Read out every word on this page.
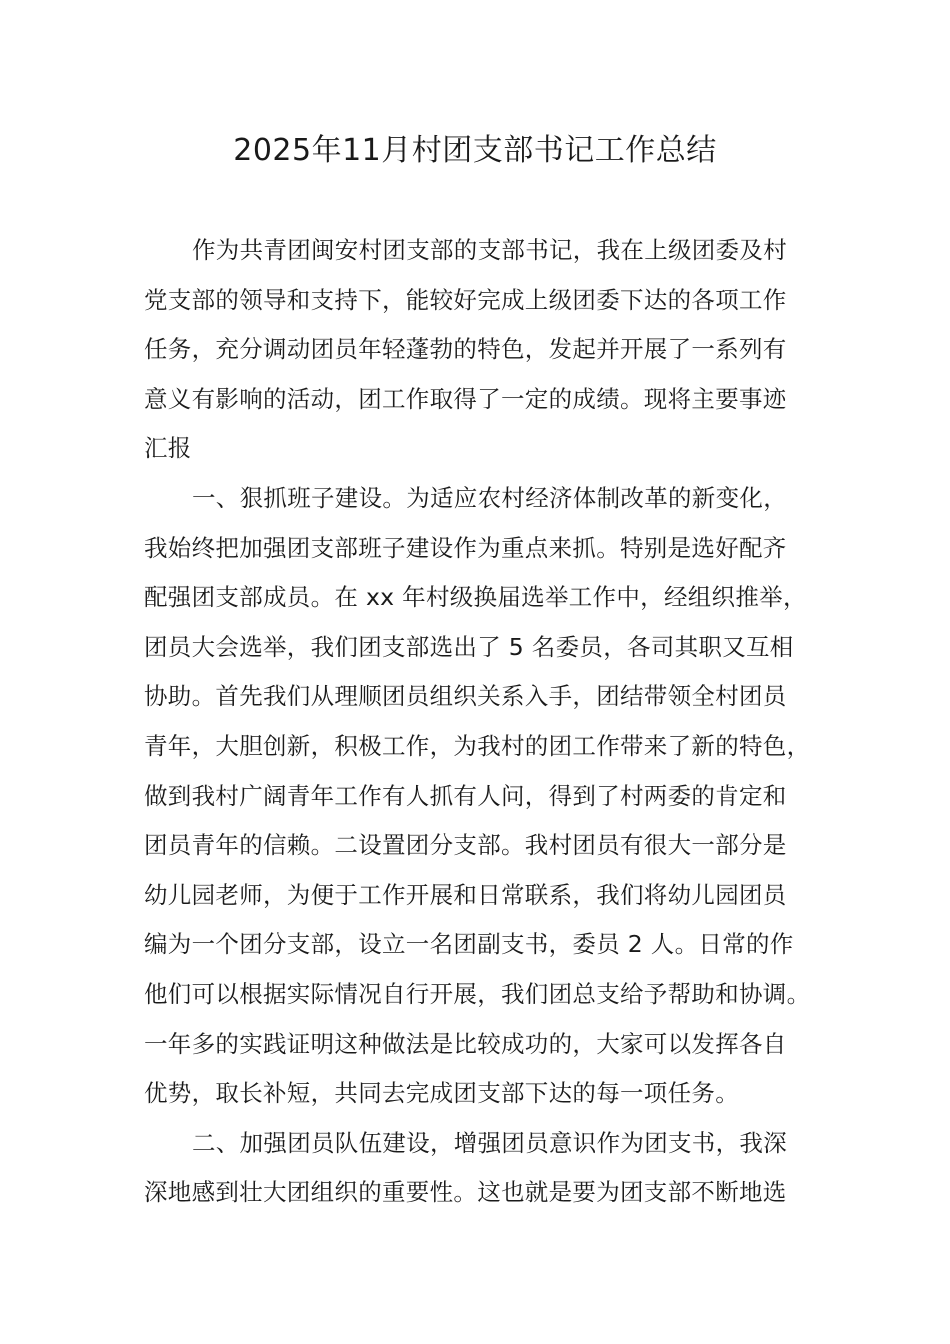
2025年11月村团支部书记工作总结
作为共青团闽安村团支部的支部书记，我在上级团委及村
党支部的领导和支持下，能较好完成上级团委下达的各项工作
任务，充分调动团员年轻蓬勃的特色，发起并开展了一系列有
意义有影响的活动，团工作取得了一定的成绩。现将主要事迹
汇报
一、狠抓班子建设。为适应农村经济体制改革的新变化，
我始终把加强团支部班子建设作为重点来抓。特别是选好配齐
配强团支部成员。在 xx 年村级换届选举工作中，经组织推举，
团员大会选举，我们团支部选出了 5 名委员，各司其职又互相
协助。首先我们从理顺团员组织关系入手，团结带领全村团员
青年，大胆创新，积极工作，为我村的团工作带来了新的特色，
做到我村广阔青年工作有人抓有人问，得到了村两委的肯定和
团员青年的信赖。二设置团分支部。我村团员有很大一部分是
幼儿园老师，为便于工作开展和日常联系，我们将幼儿园团员
编为一个团分支部，设立一名团副支书，委员 2 人。日常的作
他们可以根据实际情况自行开展，我们团总支给予帮助和协调。
一年多的实践证明这种做法是比较成功的，大家可以发挥各自
优势，取长补短，共同去完成团支部下达的每一项任务。
二、加强团员队伍建设，增强团员意识作为团支书，我深
深地感到壮大团组织的重要性。这也就是要为团支部不断地选
